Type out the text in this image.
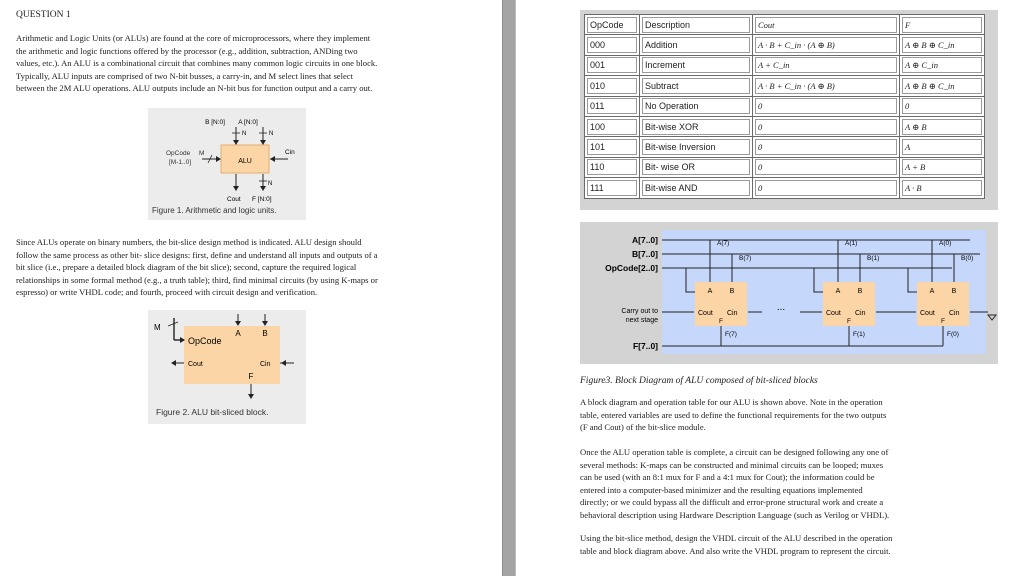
QUESTION 1
Arithmetic and Logic Units (or ALUs) are found at the core of microprocessors, where they implement
the arithmetic and logic functions offered by the processor (e.g., addition, subtraction, ANDing two
values, etc.). An ALU is a combinational circuit that combines many common logic circuits in one block.
Typically, ALU inputs are comprised of two N-bit busses, a carry-in, and M select lines that select
between the 2M ALU operations. ALU outputs include an N-bit bus for function output and a carry out.
ALU
B [N:0] A [N:0]
N	N
Cin
OpCode M
[M-1..0]
Cout
N
F [N:0]
Figure 1. Arithmetic and logic units.
Since ALUs operate on binary numbers, the bit-slice design method is indicated. ALU design should
follow the same process as other bit- slice designs: first, define and understand all inputs and outputs of a
bit slice (i.e., prepare a detailed block diagram of the bit slice); second, capture the required logical
relationships in some formal method (e.g., a truth table); third, find minimal circuits (by using K-maps or
espresso) or write VHDL code; and fourth, proceed with circuit design and verification.
A	B
M
OpCode
Cout	Cin
F
Figure 2. ALU bit-sliced block.
OpCode	Description	Cout	F

000	Addition	A · B + C_in · (A ⊕ B)	A ⊕ B ⊕ C_in

001	Increment	A + C_in	A ⊕ C_in

010	Subtract	A · B + C_in · (A ⊕ B)	A ⊕ B ⊕ C_in

011	No Operation	0	0

100	Bit-wise XOR	0	A ⊕ B

101	Bit-wise Inversion	0	A

110	Bit- wise OR	0	A + B

111	Bit-wise AND	0	A · B
A[7..0]
B[7..0]
OpCode[2..0]
A(7)
B(7)
A(1)
B(1)
A(0)
B(0)
A B	A B	A B
Cout Cin
F
Cout Cin
F
Cout Cin
F
...
Carry out to
next stage
F(7)	F(1)	F(0)
F[7..0]
Figure3. Block Diagram of ALU composed of bit-sliced blocks
A block diagram and operation table for our ALU is shown above. Note in the operation
table, entered variables are used to define the functional requirements for the two outputs
(F and Cout) of the bit-slice module.
Once the ALU operation table is complete, a circuit can be designed following any one of
several methods: K-maps can be constructed and minimal circuits can be looped; muxes
can be used (with an 8:1 mux for F and a 4:1 mux for Cout); the information could be
entered into a computer-based minimizer and the resulting equations implemented
directly; or we could bypass all the difficult and error-prone structural work and create a
behavioral description using Hardware Description Language (such as Verilog or VHDL).
Using the bit-slice method, design the VHDL circuit of the ALU described in the operation
table and block diagram above. And also write the VHDL program to represent the circuit.
